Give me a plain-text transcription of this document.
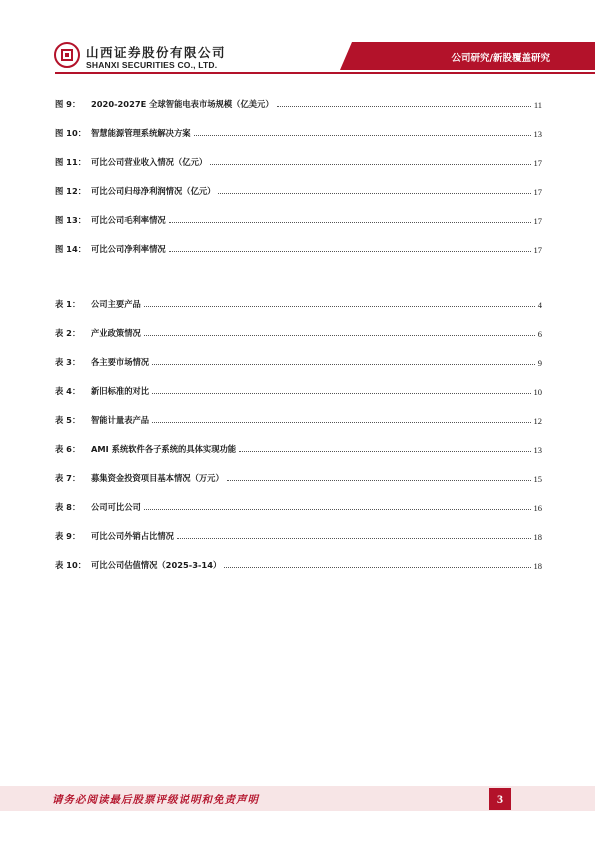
山西证券股份有限公司
SHANXI SECURITIES CO., LTD.
公司研究/新股覆盖研究
图 9：	2020-2027E 全球智能电表市场规模（亿美元）	11
图 10： 智慧能源管理系统解决方案	13
图 11： 可比公司营业收入情况（亿元）	17
图 12： 可比公司归母净利润情况（亿元）	17
图 13： 可比公司毛利率情况	17
图 14： 可比公司净利率情况	17
表 1：	公司主要产品	4
表 2：	产业政策情况	6
表 3：	各主要市场情况	9
表 4：	新旧标准的对比	10
表 5：	智能计量表产品	12
表 6：	AMI 系统软件各子系统的具体实现功能	13
表 7：	募集资金投资项目基本情况（万元）	15
表 8：	公司可比公司	16
表 9：	可比公司外销占比情况	18
表 10： 可比公司估值情况（2025-3-14）	18
请务必阅读最后股票评级说明和免责声明	3
